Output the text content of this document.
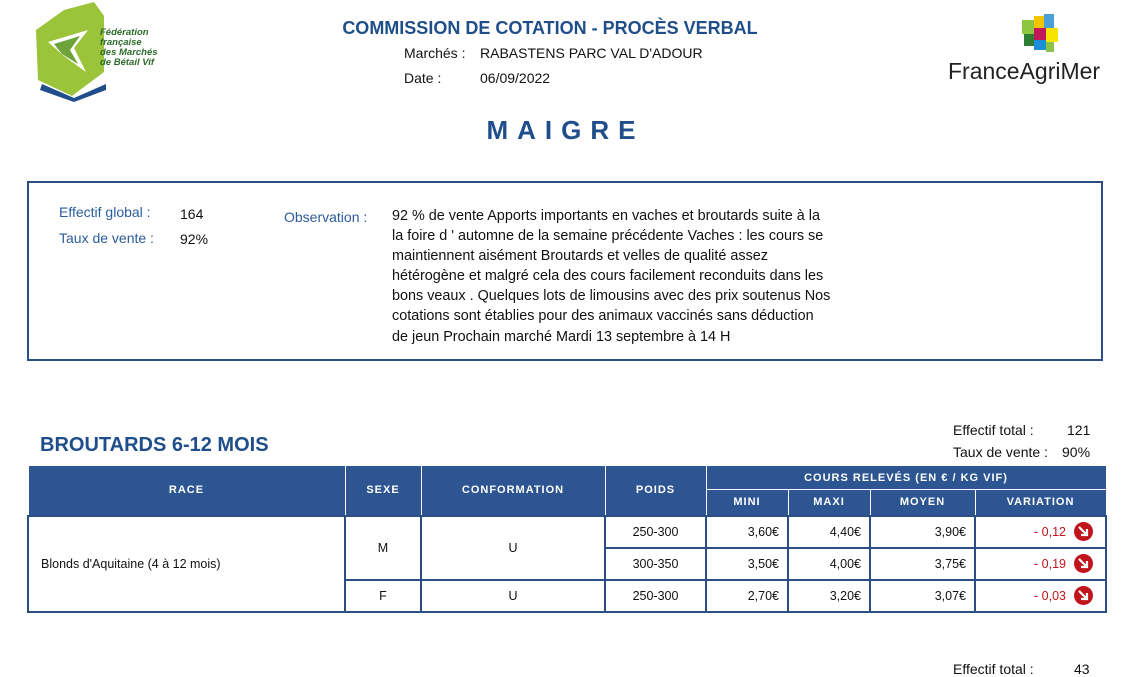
Fédération
française
des Marchés
de Bétail Vif
COMMISSION DE COTATION - PROCÈS VERBAL
Marchés : RABASTENS PARC VAL D'ADOUR
Date :	06/09/2022	FranceAgriMer
MAIGRE
Effectif global : 164
Taux de vente : 92%
Observation : 92 % de vente Apports importants en vaches et broutards suite à la
la foire d ' automne de la semaine précédente Vaches : les cours se
maintiennent aisément Broutards et velles de qualité assez
hétérogène et malgré cela des cours facilement reconduits dans les
bons veaux . Quelques lots de limousins avec des prix soutenus Nos
cotations sont établies pour des animaux vaccinés sans déduction
de jeun Prochain marché Mardi 13 septembre à 14 H
Effectif total : 121
Taux de vente : 90%
BROUTARDS 6-12 MOIS
RACE	SEXE	CONFORMATION	POIDS	COURS RELEVÉS (EN € / KG VIF)			
				MINI	MAXI	MOYEN	VARIATION
Blonds d'Aquitaine (4 à 12 mois)	M	U	250-300	3,60€	4,40€	3,90€	- 0,12

			300-350	3,50€	4,00€	3,75€	- 0,19

	F	U	250-300	2,70€	3,20€	3,07€	- 0,03
Effectif total :	43
